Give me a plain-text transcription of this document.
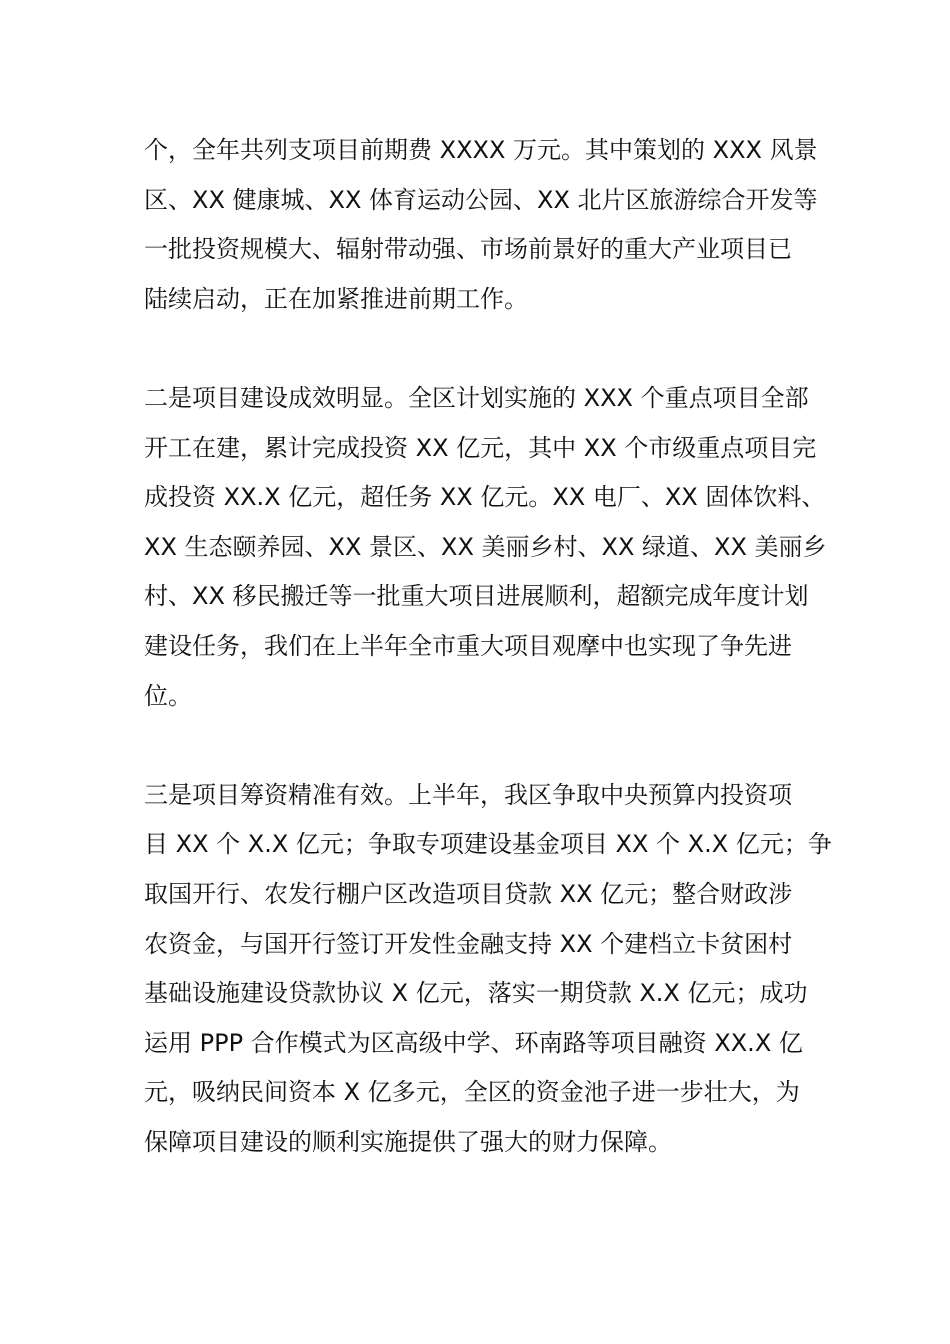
个，全年共列支项目前期费 XXXX 万元。其中策划的 XXX 风景
区、XX 健康城、XX 体育运动公园、XX 北片区旅游综合开发等
一批投资规模大、辐射带动强、市场前景好的重大产业项目已
陆续启动，正在加紧推进前期工作。

二是项目建设成效明显。全区计划实施的 XXX 个重点项目全部
开工在建，累计完成投资 XX 亿元，其中 XX 个市级重点项目完
成投资 XX.X 亿元，超任务 XX 亿元。XX 电厂、XX 固体饮料、
XX 生态颐养园、XX 景区、XX 美丽乡村、XX 绿道、XX 美丽乡
村、XX 移民搬迁等一批重大项目进展顺利，超额完成年度计划
建设任务，我们在上半年全市重大项目观摩中也实现了争先进
位。

三是项目筹资精准有效。上半年，我区争取中央预算内投资项
目 XX 个 X.X 亿元；争取专项建设基金项目 XX 个 X.X 亿元；争
取国开行、农发行棚户区改造项目贷款 XX 亿元；整合财政涉
农资金，与国开行签订开发性金融支持 XX 个建档立卡贫困村
基础设施建设贷款协议 X 亿元，落实一期贷款 X.X 亿元；成功
运用 PPP 合作模式为区高级中学、环南路等项目融资 XX.X 亿
元，吸纳民间资本 X 亿多元，全区的资金池子进一步壮大，为
保障项目建设的顺利实施提供了强大的财力保障。
